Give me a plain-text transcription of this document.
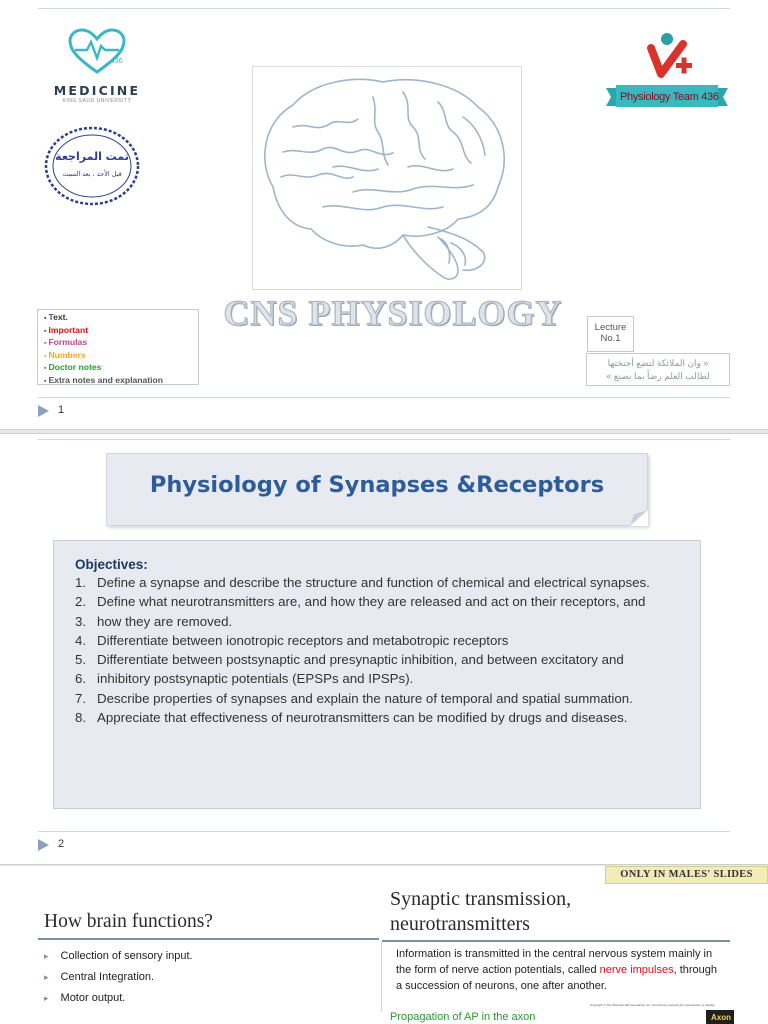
436
MEDICINE
KING SAUD UNIVERSITY
تمت المراجعة
قبل الأحد ، بعد السبت
Physiology Team 436
CNS PHYSIOLOGY
▪ Text.
▪ Important
▪ Formulas
▪ Numbers
▪ Doctor notes
▪ Extra notes and explanation
Lecture
No.1
« وان الملائكة لتضع أجنحتها
لطالب العلم رضاً بما يصنع »
1
Physiology of Synapses &Receptors
Objectives:
1. Define a synapse and describe the structure and function of chemical and electrical synapses.
2. Define what neurotransmitters are, and how they are released and act on their receptors, and
3. how they are removed.
4. Differentiate between ionotropic receptors and metabotropic receptors
5. Differentiate between postsynaptic and presynaptic inhibition, and between excitatory and
6. inhibitory postsynaptic potentials (EPSPs and IPSPs).
7. Describe properties of synapses and explain the nature of temporal and spatial summation.
8. Appreciate that effectiveness of neurotransmitters can be modified by drugs and diseases.
2
ONLY IN MALES' SLIDES
How brain functions?
▸ Collection of sensory input.
▸ Central Integration.
▸ Motor output.
Synaptic transmission,
neurotransmitters

Information is transmitted in the central nervous system mainly in the form of nerve action potentials, called nerve impulses, through a succession of neurons, one after another.

Propagation of AP in the axon
Copyright © The McGraw-Hill Companies, Inc. Permission required for reproduction or display.
Axon
